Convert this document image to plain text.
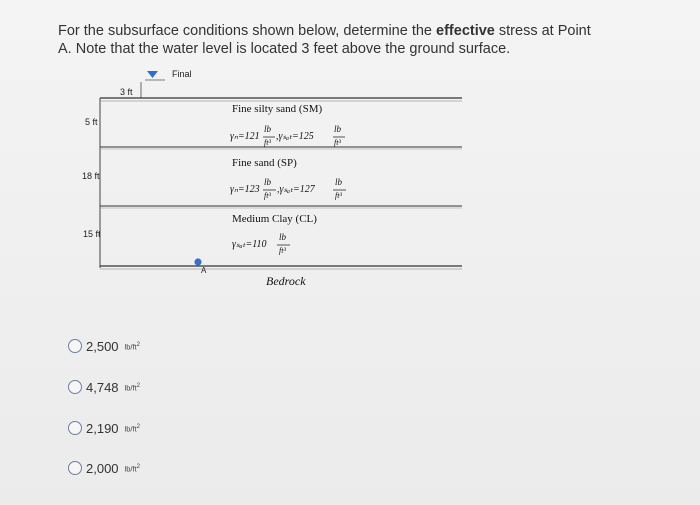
For the subsurface conditions shown below, determine the effective stress at Point
A. Note that the water level is located 3 feet above the ground surface.
Final
3 ft
5 ft
18 ft
15 ft
A
Fine silty sand (SM)
γₙ=121
lb
ft³
,γₛₐₜ=125
lb
ft³
Fine sand (SP)
γₙ=123
lb
ft³
,γₛₐₜ=127
lb
ft³
Medium Clay (CL)
γₛₐₜ=110
lb
ft³
Bedrock
2,500 $lb/ft^2$
4,748 $lb/ft^2$
2,190 $lb/ft^2$
2,000 $lb/ft^2$
